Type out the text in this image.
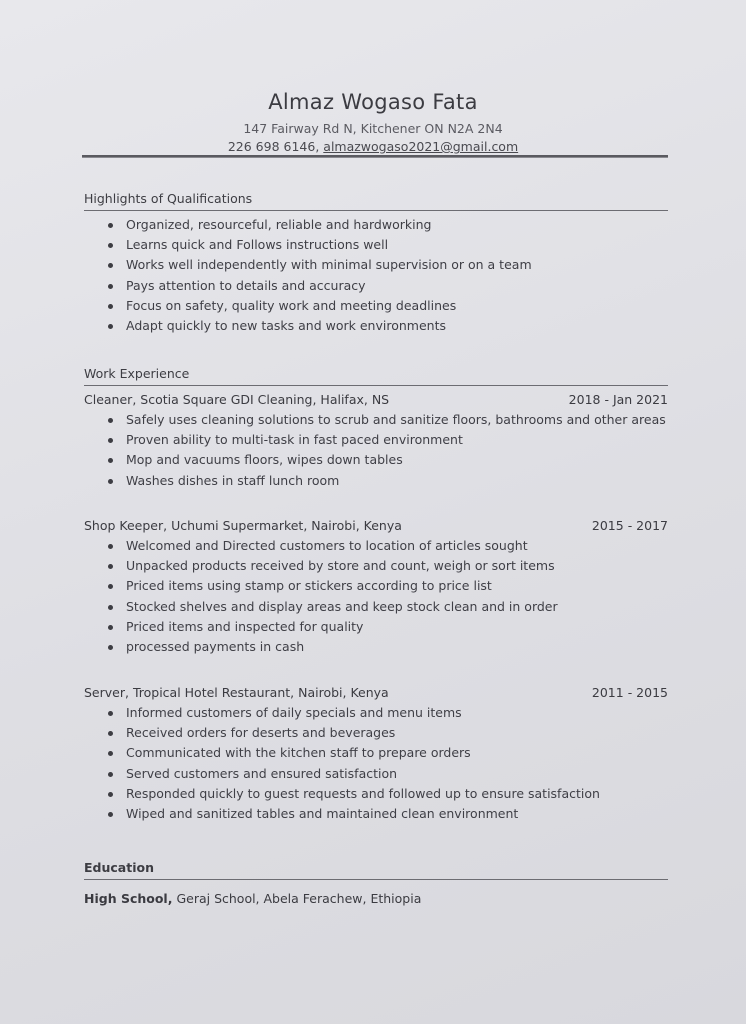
Almaz Wogaso Fata
147 Fairway Rd N, Kitchener ON N2A 2N4
226 698 6146, almazwogaso2021@gmail.com
Highlights of Qualifications
Organized, resourceful, reliable and hardworking
Learns quick and Follows instructions well
Works well independently with minimal supervision or on a team
Pays attention to details and accuracy
Focus on safety, quality work and meeting deadlines
Adapt quickly to new tasks and work environments
Work Experience
Cleaner, Scotia Square GDI Cleaning, Halifax, NS	2018 - Jan 2021
Safely uses cleaning solutions to scrub and sanitize floors, bathrooms and other areas
Proven ability to multi-task in fast paced environment
Mop and vacuums floors, wipes down tables
Washes dishes in staff lunch room
Shop Keeper, Uchumi Supermarket, Nairobi, Kenya	2015 - 2017
Welcomed and Directed customers to location of articles sought
Unpacked products received by store and count, weigh or sort items
Priced items using stamp or stickers according to price list
Stocked shelves and display areas and keep stock clean and in order
Priced items and inspected for quality
processed payments in cash
Server, Tropical Hotel Restaurant, Nairobi, Kenya	2011 - 2015
Informed customers of daily specials and menu items
Received orders for deserts and beverages
Communicated with the kitchen staff to prepare orders
Served customers and ensured satisfaction
Responded quickly to guest requests and followed up to ensure satisfaction
Wiped and sanitized tables and maintained clean environment
Education
High School, Geraj School, Abela Ferachew, Ethiopia
